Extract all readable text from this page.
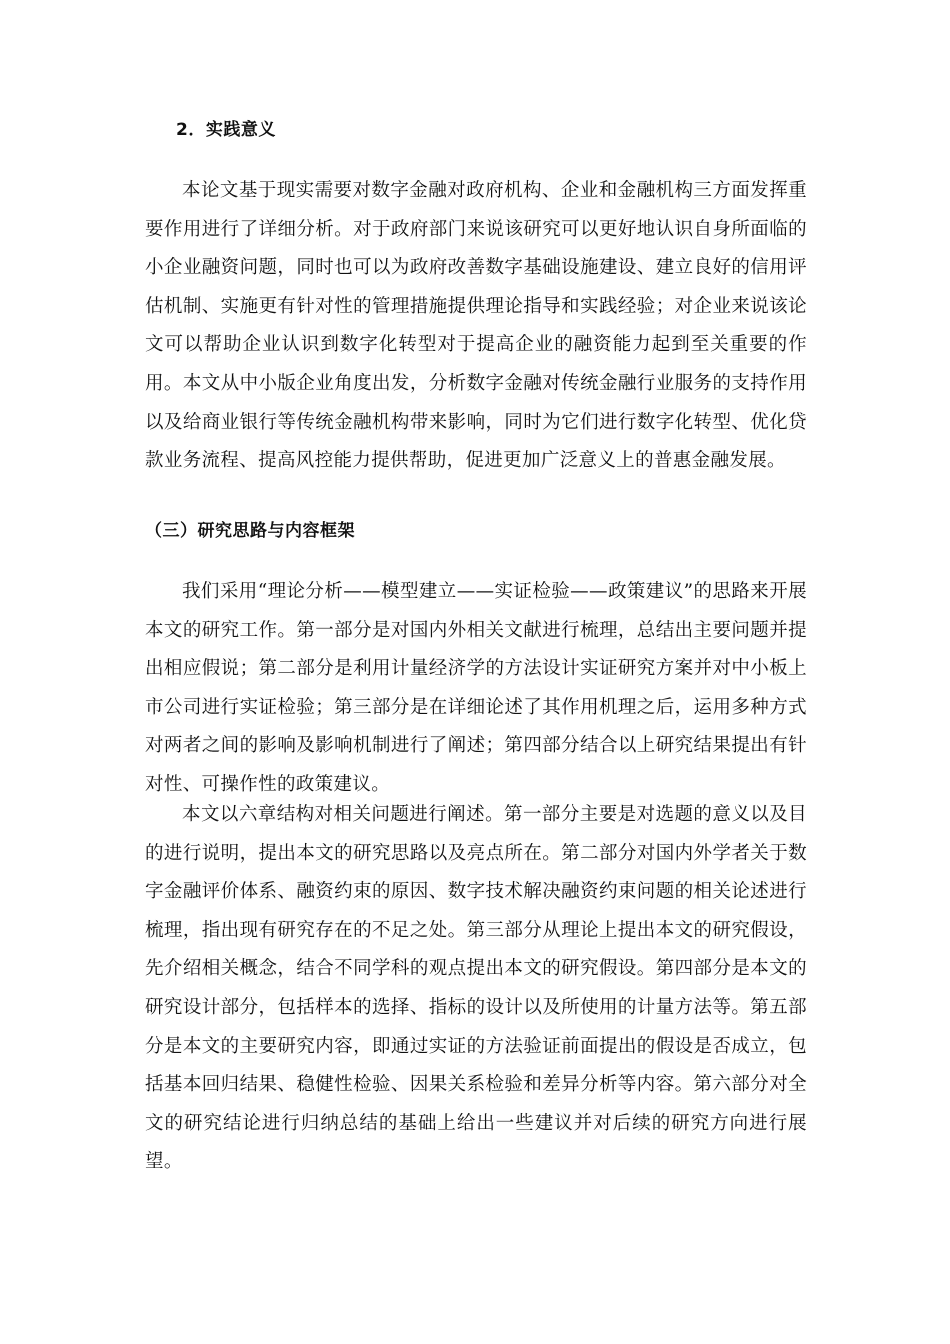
2．实践意义

本论文基于现实需要对数字金融对政府机构、企业和金融机构三方面发挥重要作用进行了详细分析。对于政府部门来说该研究可以更好地认识自身所面临的小企业融资问题，同时也可以为政府改善数字基础设施建设、建立良好的信用评估机制、实施更有针对性的管理措施提供理论指导和实践经验；对企业来说该论文可以帮助企业认识到数字化转型对于提高企业的融资能力起到至关重要的作用。本文从中小版企业角度出发，分析数字金融对传统金融行业服务的支持作用以及给商业银行等传统金融机构带来影响，同时为它们进行数字化转型、优化贷款业务流程、提高风控能力提供帮助，促进更加广泛意义上的普惠金融发展。

（三）研究思路与内容框架

我们采用“理论分析——模型建立——实证检验——政策建议”的思路来开展本文的研究工作。第一部分是对国内外相关文献进行梳理，总结出主要问题并提出相应假说；第二部分是利用计量经济学的方法设计实证研究方案并对中小板上市公司进行实证检验；第三部分是在详细论述了其作用机理之后，运用多种方式对两者之间的影响及影响机制进行了阐述；第四部分结合以上研究结果提出有针对性、可操作性的政策建议。

本文以六章结构对相关问题进行阐述。第一部分主要是对选题的意义以及目的进行说明，提出本文的研究思路以及亮点所在。第二部分对国内外学者关于数字金融评价体系、融资约束的原因、数字技术解决融资约束问题的相关论述进行梳理，指出现有研究存在的不足之处。第三部分从理论上提出本文的研究假设，先介绍相关概念，结合不同学科的观点提出本文的研究假设。第四部分是本文的研究设计部分，包括样本的选择、指标的设计以及所使用的计量方法等。第五部分是本文的主要研究内容，即通过实证的方法验证前面提出的假设是否成立，包括基本回归结果、稳健性检验、因果关系检验和差异分析等内容。第六部分对全文的研究结论进行归纳总结的基础上给出一些建议并对后续的研究方向进行展望。
